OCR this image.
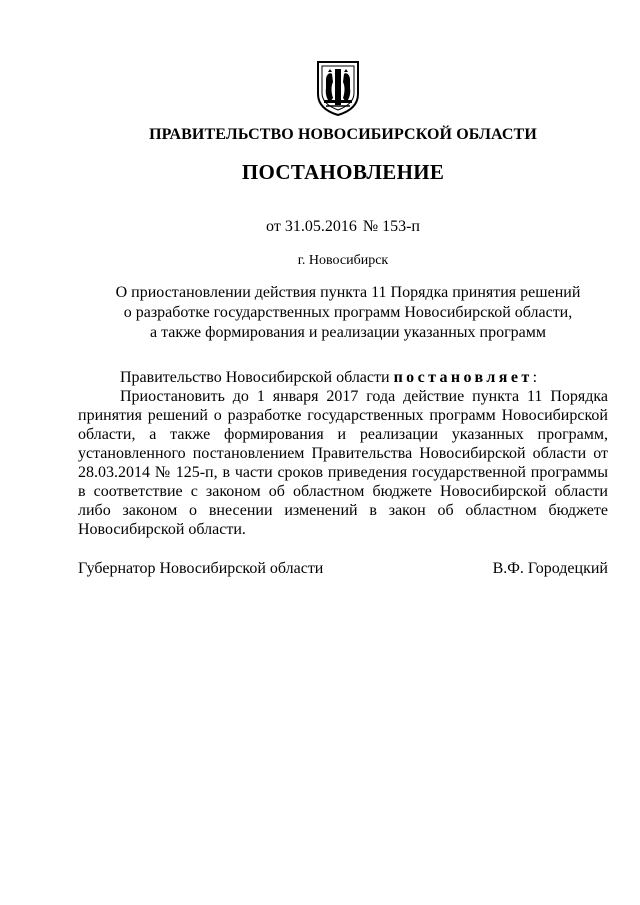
ПРАВИТЕЛЬСТВО НОВОСИБИРСКОЙ ОБЛАСТИ
ПОСТАНОВЛЕНИЕ
от 31.05.2016 № 153-п
г. Новосибирск
О приостановлении действия пункта 11 Порядка принятия решений
о разработке государственных программ Новосибирской области,
а также формирования и реализации указанных программ
Правительство Новосибирской области постановляет:

Приостановить до 1 января 2017 года действие пункта 11 Порядка принятия решений о разработке государственных программ Новосибирской области, а также формирования и реализации указанных программ, установленного постановлением Правительства Новосибирской области от 28.03.2014 № 125-п, в части сроков приведения государственной программы в соответствие с законом об областном бюджете Новосибирской области либо законом о внесении изменений в закон об областном бюджете Новосибирской области.

Губернатор Новосибирской области	В.Ф. Городецкий
